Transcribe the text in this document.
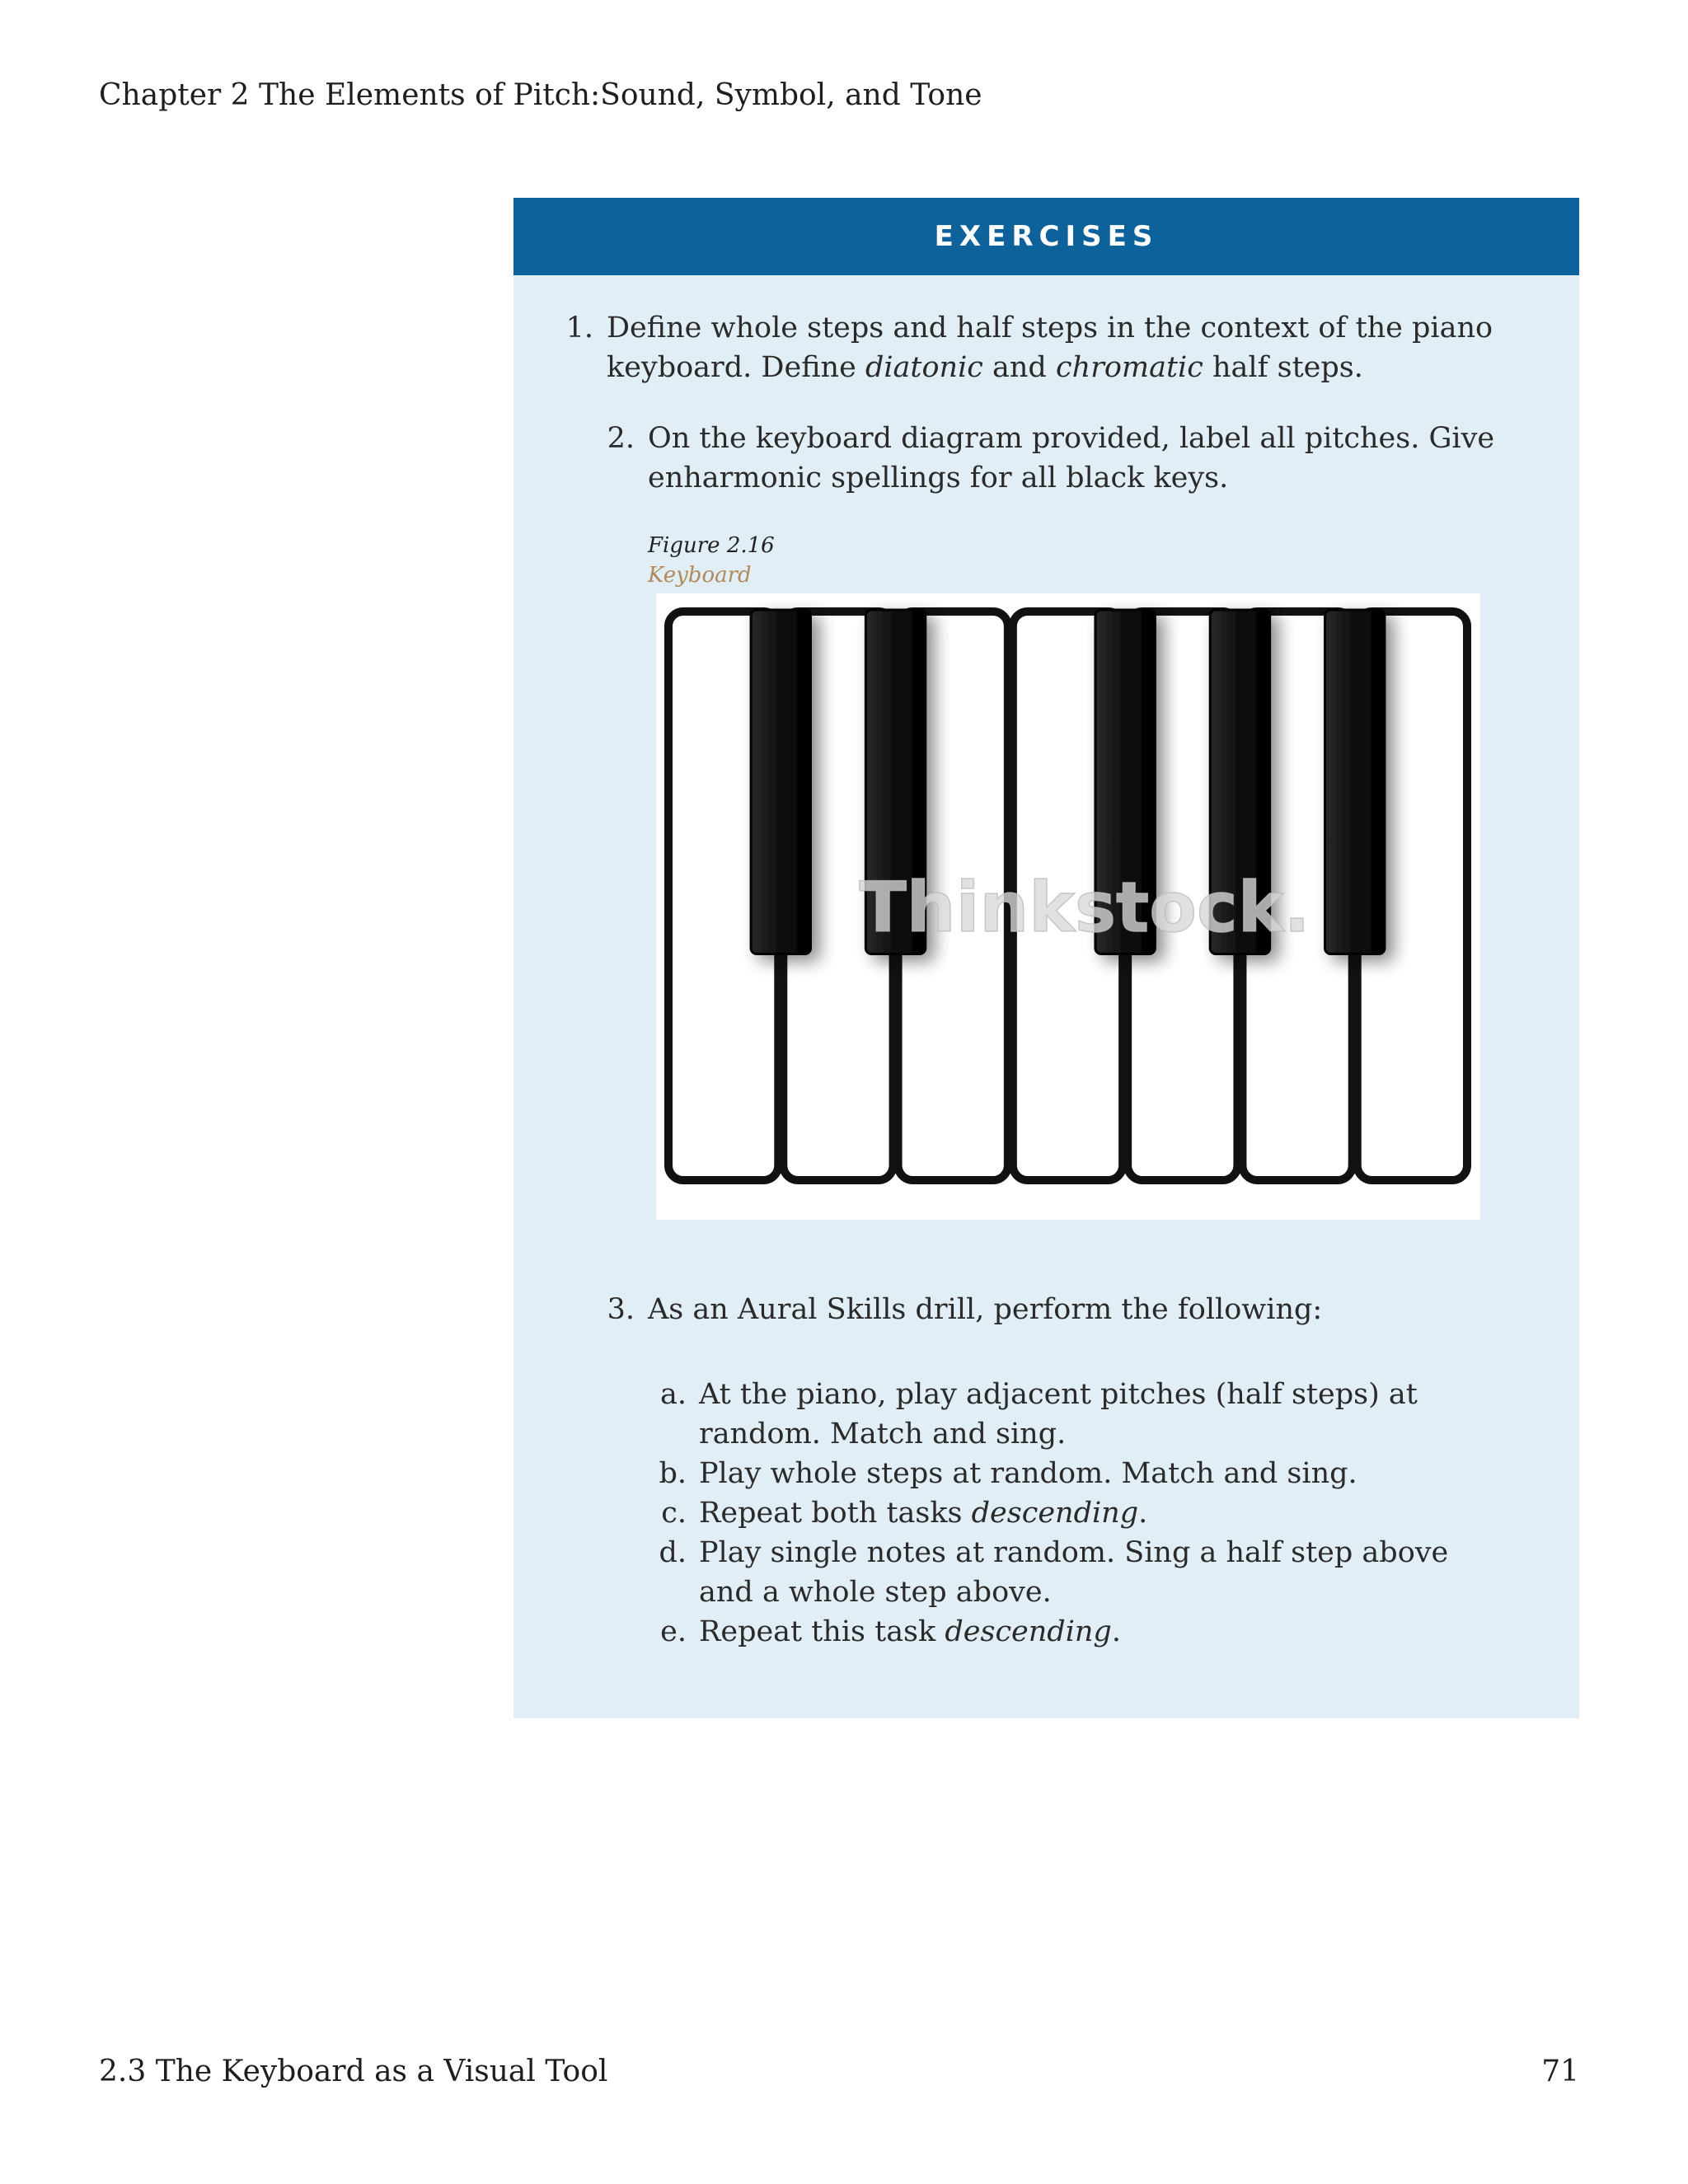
Chapter 2 The Elements of Pitch:Sound, Symbol, and Tone
EXERCISES
1. Define whole steps and half steps in the context of the piano keyboard. Define diatonic and chromatic half steps.
2. On the keyboard diagram provided, label all pitches. Give enharmonic spellings for all black keys.
Figure 2.16
Keyboard
Thinkstock.
3. As an Aural Skills drill, perform the following:
a. At the piano, play adjacent pitches (half steps) at random. Match and sing.
b. Play whole steps at random. Match and sing.
c. Repeat both tasks descending.
d. Play single notes at random. Sing a half step above and a whole step above.
e. Repeat this task descending.
2.3 The Keyboard as a Visual Tool	71
